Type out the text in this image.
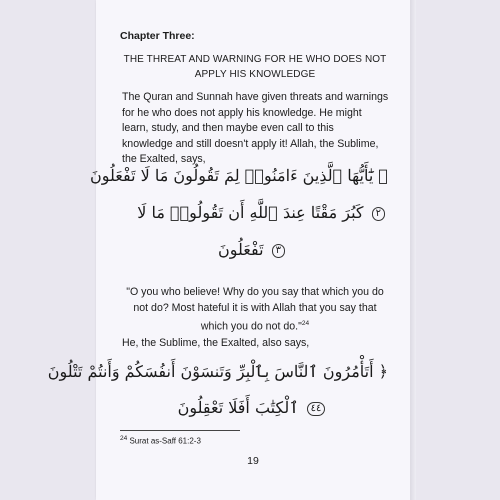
Chapter Three:
THE THREAT AND WARNING FOR HE WHO DOES NOT
APPLY HIS KNOWLEDGE
The Quran and Sunnah have given threats and warnings
for he who does not apply his knowledge. He might
learn, study, and then maybe even call to this
knowledge and still doesn't apply it! Allah, the Sublime,
the Exalted, says,
﴿ يَٰٓأَيُّهَا ٱلَّذِينَ ءَامَنُوا۟ لِمَ تَقُولُونَ مَا لَا تَفْعَلُونَ
٢ كَبُرَ مَقْتًا عِندَ ٱللَّهِ أَن تَقُولُوا۟ مَا لَا
٣ تَفْعَلُونَ
"O you who believe! Why do you say that which you do
not do? Most hateful it is with Allah that you say that
which you do not do."$^{24}$
He, the Sublime, the Exalted, also says,
﴿ أَتَأْمُرُونَ ٱلنَّاسَ بِٱلْبِرِّ وَتَنسَوْنَ أَنفُسَكُمْ وَأَنتُمْ تَتْلُونَ
٤٤ ٱلْكِتَٰبَ أَفَلَا تَعْقِلُونَ
$^{24}$ Surat as-Saff 61:2-3
19
